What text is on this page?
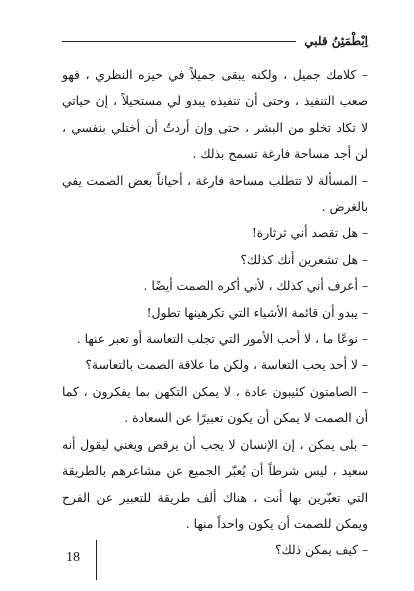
اِبْطْمَئِنُ قلبي

– كلامك جميل ، ولكنه يبقى جميلاً في حيزه النظري ، فهو صعب التنفيذ ، وحتى أن تنفيذه يبدو لي مستحيلاً ، إن حياتي لا تكاد تخلو من البشر ، حتى وإن أردتُ أن أختلي بنفسي ، لن أجد مساحة فارغة تسمح بذلك .

– المسألة لا تتطلب مساحة فارغة ، أحياناً بعض الصمت يفي بالغرض .

– هل تقصد أني ثرثارة!

– هل تشعرين أنك كذلك؟

– أعرف أني كذلك ، لأني أكره الصمت أيضًا .

– يبدو أن قائمة الأشياء التي تكرهينها تطول!

– نوعًا ما ، لا أحب الأمور التي تجلب التعاسة أو تعبر عنها .

– لا أحد يحب التعاسة ، ولكن ما علاقة الصمت بالتعاسة؟

– الصامتون كئيبون عادة ، لا يمكن التكهن بما يفكرون ، كما أن الصمت لا يمكن أن يكون تعبيرًا عن السعادة .

– بلى يمكن ، إن الإنسان لا يجب أن يرقص ويغني ليقول أنه سعيد ، ليس شرطاً أن يُعبّر الجميع عن مشاعرهم بالطريقة التي تعبّرين بها أنت ، هناك ألف طريقة للتعبير عن الفرح ويمكن للصمت أن يكون واحداً منها .

– كيف يمكن ذلك؟

18
